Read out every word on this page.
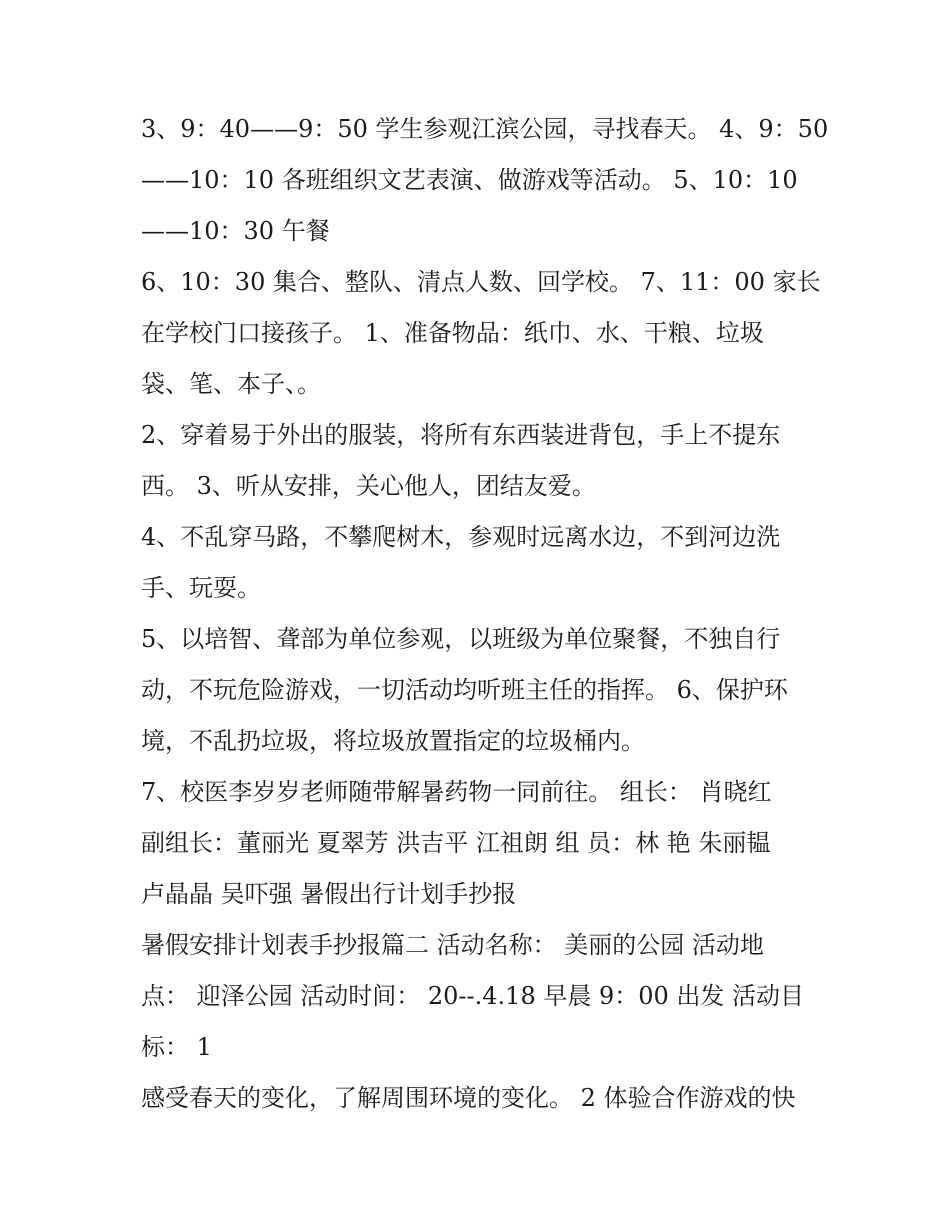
3、9：40——9：50 学生参观江滨公园，寻找春天。 4、9：50
——10：10 各班组织文艺表演、做游戏等活动。 5、10：10
——10：30 午餐
6、10：30 集合、整队、清点人数、回学校。 7、11：00 家长
在学校门口接孩子。 1、准备物品：纸巾、水、干粮、垃圾
袋、笔、本子、。
2、穿着易于外出的服装，将所有东西装进背包，手上不提东
西。 3、听从安排，关心他人，团结友爱。
4、不乱穿马路，不攀爬树木，参观时远离水边，不到河边洗
手、玩耍。
5、以培智、聋部为单位参观，以班级为单位聚餐，不独自行
动，不玩危险游戏，一切活动均听班主任的指挥。 6、保护环
境，不乱扔垃圾，将垃圾放置指定的垃圾桶内。
7、校医李岁岁老师随带解暑药物一同前往。 组长： 肖晓红
副组长：董丽光 夏翠芳 洪吉平 江祖朗 组 员：林 艳 朱丽韫
卢晶晶 吴吓强 暑假出行计划手抄报
暑假安排计划表手抄报篇二 活动名称： 美丽的公园 活动地
点： 迎泽公园 活动时间： 20--.4.18 早晨 9：00 出发 活动目
标： 1
感受春天的变化，了解周围环境的变化。 2 体验合作游戏的快
